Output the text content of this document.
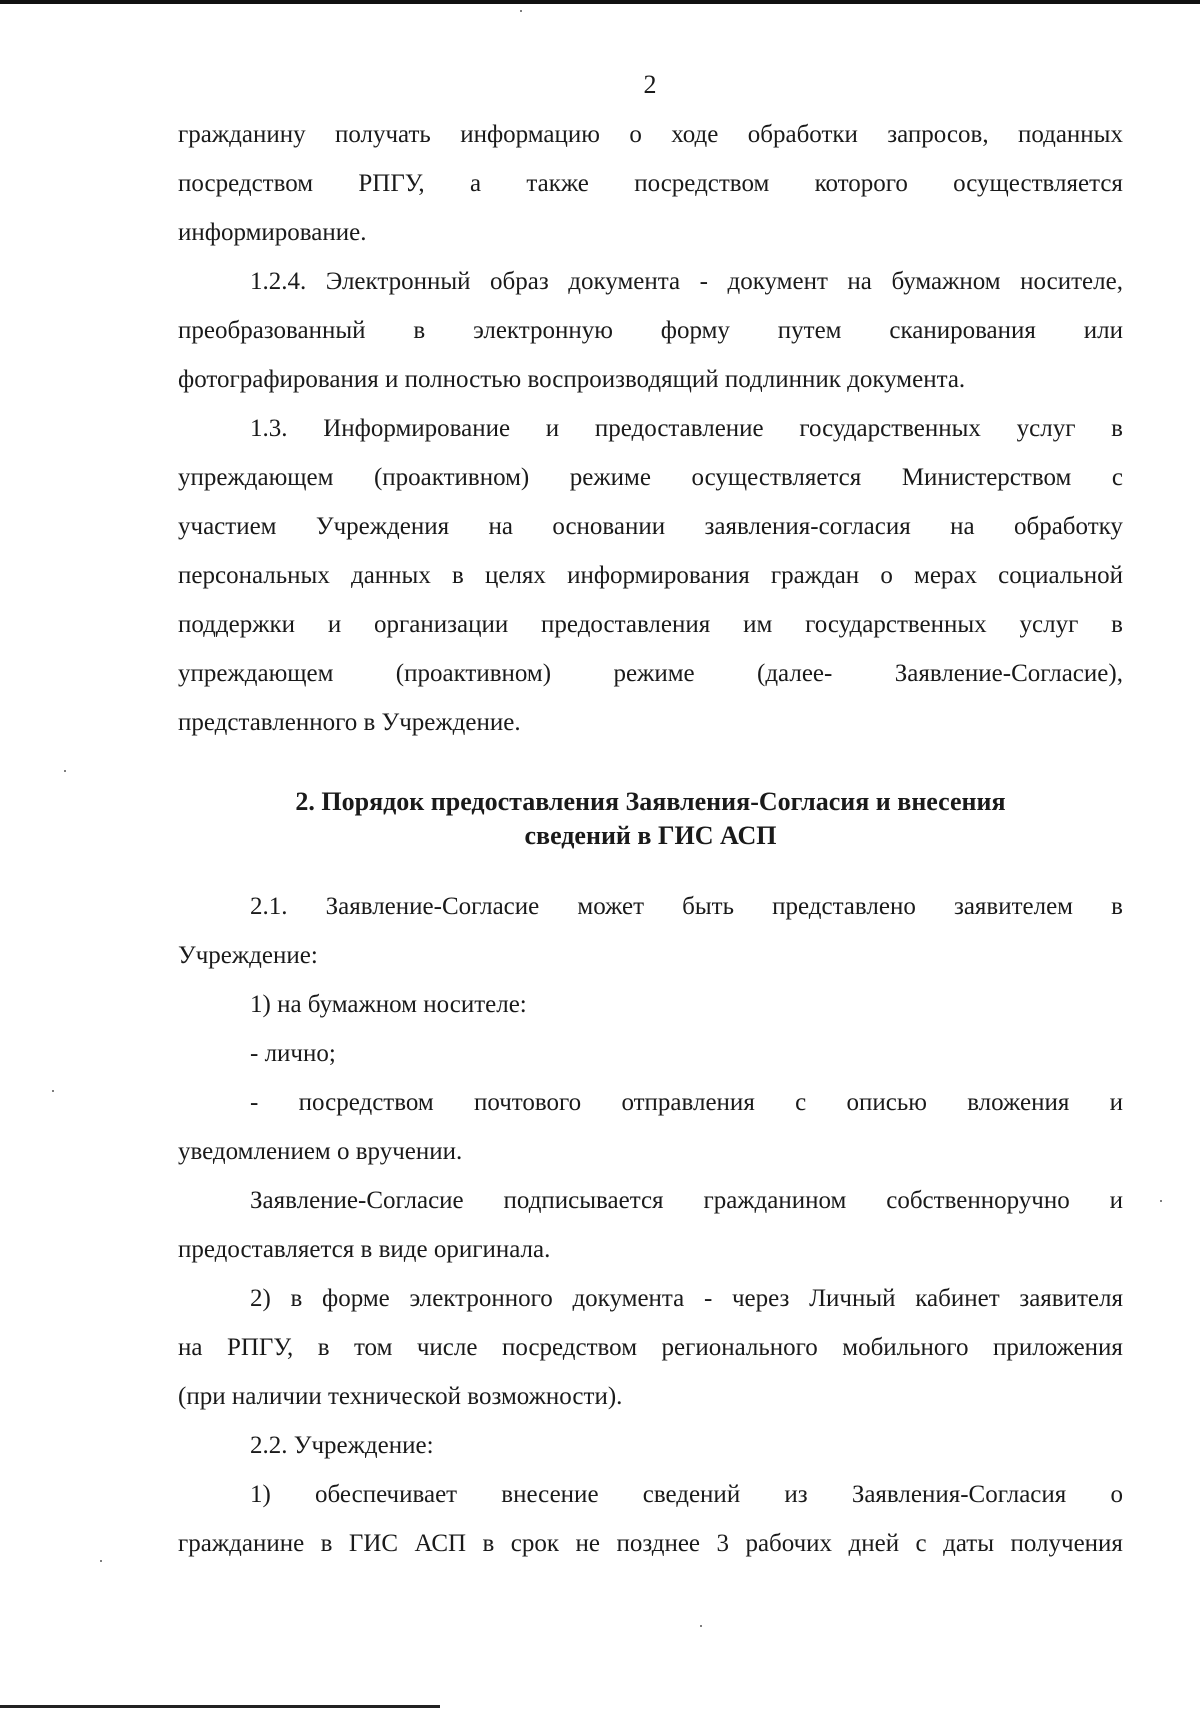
2
гражданину получать информацию о ходе обработки запросов, поданных
посредством РПГУ, а также посредством которого осуществляется
информирование.
1.2.4. Электронный образ документа - документ на бумажном носителе,
преобразованный в электронную форму путем сканирования или
фотографирования и полностью воспроизводящий подлинник документа.
1.3. Информирование и предоставление государственных услуг в
упреждающем (проактивном) режиме осуществляется Министерством с
участием Учреждения на основании заявления-согласия на обработку
персональных данных в целях информирования граждан о мерах социальной
поддержки и организации предоставления им государственных услуг в
упреждающем (проактивном) режиме (далее- Заявление-Согласие),
представленного в Учреждение.
2. Порядок предоставления Заявления-Согласия и внесения
сведений в ГИС АСП
2.1. Заявление-Согласие может быть представлено заявителем в
Учреждение:
1) на бумажном носителе:
- лично;
- посредством почтового отправления с описью вложения и
уведомлением о вручении.
Заявление-Согласие подписывается гражданином собственноручно и
предоставляется в виде оригинала.
2) в форме электронного документа - через Личный кабинет заявителя
на РПГУ, в том числе посредством регионального мобильного приложения
(при наличии технической возможности).
2.2. Учреждение:
1) обеспечивает внесение сведений из Заявления-Согласия о
гражданине в ГИС АСП в срок не позднее 3 рабочих дней с даты получения
